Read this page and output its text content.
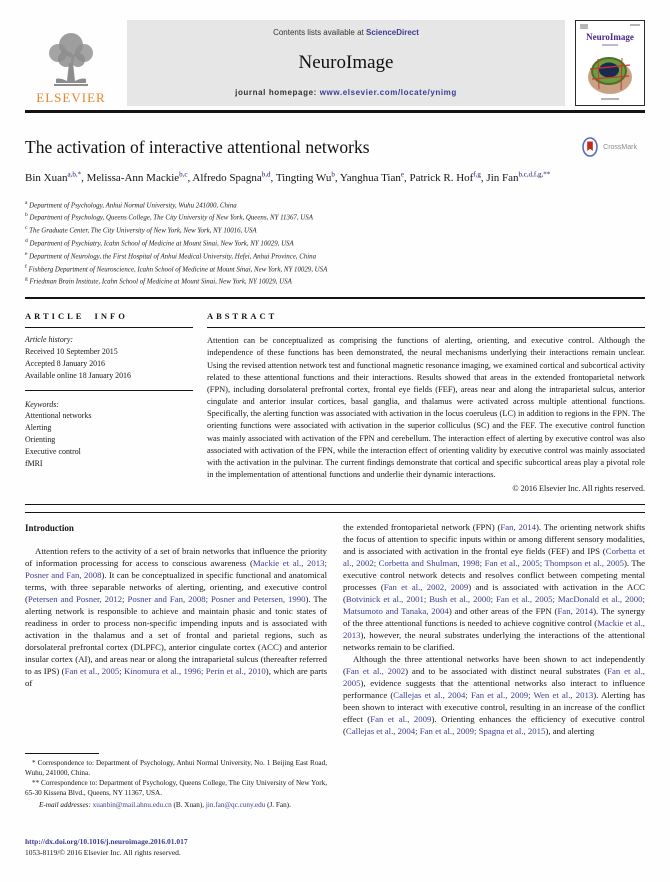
ELSEVIER
Contents lists available at ScienceDirect
NeuroImage
journal homepage: www.elsevier.com/locate/ynimg
NeuroImage
The activation of interactive attentional networks	CrossMark
Bin Xuan$^{a,b,*}$, Melissa-Ann Mackie$^{b,c}$, Alfredo Spagna$^{b,d}$, Tingting Wu$^b$, Yanghua Tian$^e$, Patrick R. Hof$^{f,g}$, Jin Fan$^{b,c,d,f,g,**}$
$^a$ Department of Psychology, Anhui Normal University, Wuhu 241000, China
$^b$ Department of Psychology, Queens College, The City University of New York, Queens, NY 11367, USA
$^c$ The Graduate Center, The City University of New York, New York, NY 10016, USA
$^d$ Department of Psychiatry, Icahn School of Medicine at Mount Sinai, New York, NY 10029, USA
$^e$ Department of Neurology, the First Hospital of Anhui Medical University, Hefei, Anhui Province, China
$^f$ Fishberg Department of Neuroscience, Icahn School of Medicine at Mount Sinai, New York, NY 10029, USA
$^g$ Friedman Brain Institute, Icahn School of Medicine at Mount Sinai, New York, NY 10029, USA
ARTICLE INFO
Article history:
Received 10 September 2015
Accepted 8 January 2016
Available online 18 January 2016
Keywords:
Attentional networks
Alerting
Orienting
Executive control
fMRI
ABSTRACT
Attention can be conceptualized as comprising the functions of alerting, orienting, and executive control. Although the independence of these functions has been demonstrated, the neural mechanisms underlying their interactions remain unclear. Using the revised attention network test and functional magnetic resonance imaging, we examined cortical and subcortical activity related to these attentional functions and their interactions. Results showed that areas in the extended frontoparietal network (FPN), including dorsolateral prefrontal cortex, frontal eye fields (FEF), areas near and along the intraparietal sulcus, anterior cingulate and anterior insular cortices, basal ganglia, and thalamus were activated across multiple attentional functions. Specifically, the alerting function was associated with activation in the locus coeruleus (LC) in addition to regions in the FPN. The orienting functions were associated with activation in the superior colliculus (SC) and the FEF. The executive control function was mainly associated with activation of the FPN and cerebellum. The interaction effect of alerting by executive control was also associated with activation of the FPN, while the interaction effect of orienting validity by executive control was mainly associated with the activation in the pulvinar. The current findings demonstrate that cortical and specific subcortical areas play a pivotal role in the implementation of attentional functions and underlie their dynamic interactions.
© 2016 Elsevier Inc. All rights reserved.
Introduction

Attention refers to the activity of a set of brain networks that influence the priority of information processing for access to conscious awareness (Mackie et al., 2013; Posner and Fan, 2008). It can be conceptualized in specific functional and anatomical terms, with three separable networks of alerting, orienting, and executive control (Petersen and Posner, 2012; Posner and Fan, 2008; Posner and Petersen, 1990). The alerting network is responsible to achieve and maintain phasic and tonic states of readiness in order to process non-specific impending inputs and is associated with activation in the thalamus and a set of frontal and parietal regions, such as dorsolateral prefrontal cortex (DLPFC), anterior cingulate cortex (ACC) and anterior insular cortex (AI), and areas near or along the intraparietal sulcus (thereafter referred to as IPS) (Fan et al., 2005; Kinomura et al., 1996; Perin et al., 2010), which are parts of

* Correspondence to: Department of Psychology, Anhui Normal University, No. 1 Beijing East Road, Wuhu, 241000, China.

** Correspondence to: Department of Psychology, Queens College, The City University of New York, 65-30 Kissena Blvd., Queens, NY 11367, USA.

E-mail addresses: xuanbin@mail.ahnu.edu.cn (B. Xuan), jin.fan@qc.cuny.edu (J. Fan).

http://dx.doi.org/10.1016/j.neuroimage.2016.01.017
1053-8119/© 2016 Elsevier Inc. All rights reserved.

the extended frontoparietal network (FPN) (Fan, 2014). The orienting network shifts the focus of attention to specific inputs within or among different sensory modalities, and is associated with activation in the frontal eye fields (FEF) and IPS (Corbetta et al., 2002; Corbetta and Shulman, 1998; Fan et al., 2005; Thompson et al., 2005). The executive control network detects and resolves conflict between competing mental processes (Fan et al., 2002, 2009) and is associated with activation in the ACC (Botvinick et al., 2001; Bush et al., 2000; Fan et al., 2005; MacDonald et al., 2000; Matsumoto and Tanaka, 2004) and other areas of the FPN (Fan, 2014). The synergy of the three attentional functions is needed to achieve cognitive control (Mackie et al., 2013), however, the neural substrates underlying the interactions of the attentional networks remain to be clarified.

Although the three attentional networks have been shown to act independently (Fan et al., 2002) and to be associated with distinct neural substrates (Fan et al., 2005), evidence suggests that the attentional networks also interact to influence performance (Callejas et al., 2004; Fan et al., 2009; Wen et al., 2013). Alerting has been shown to interact with executive control, resulting in an increase of the conflict effect (Fan et al., 2009). Orienting enhances the efficiency of executive control (Callejas et al., 2004; Fan et al., 2009; Spagna et al., 2015), and alerting
